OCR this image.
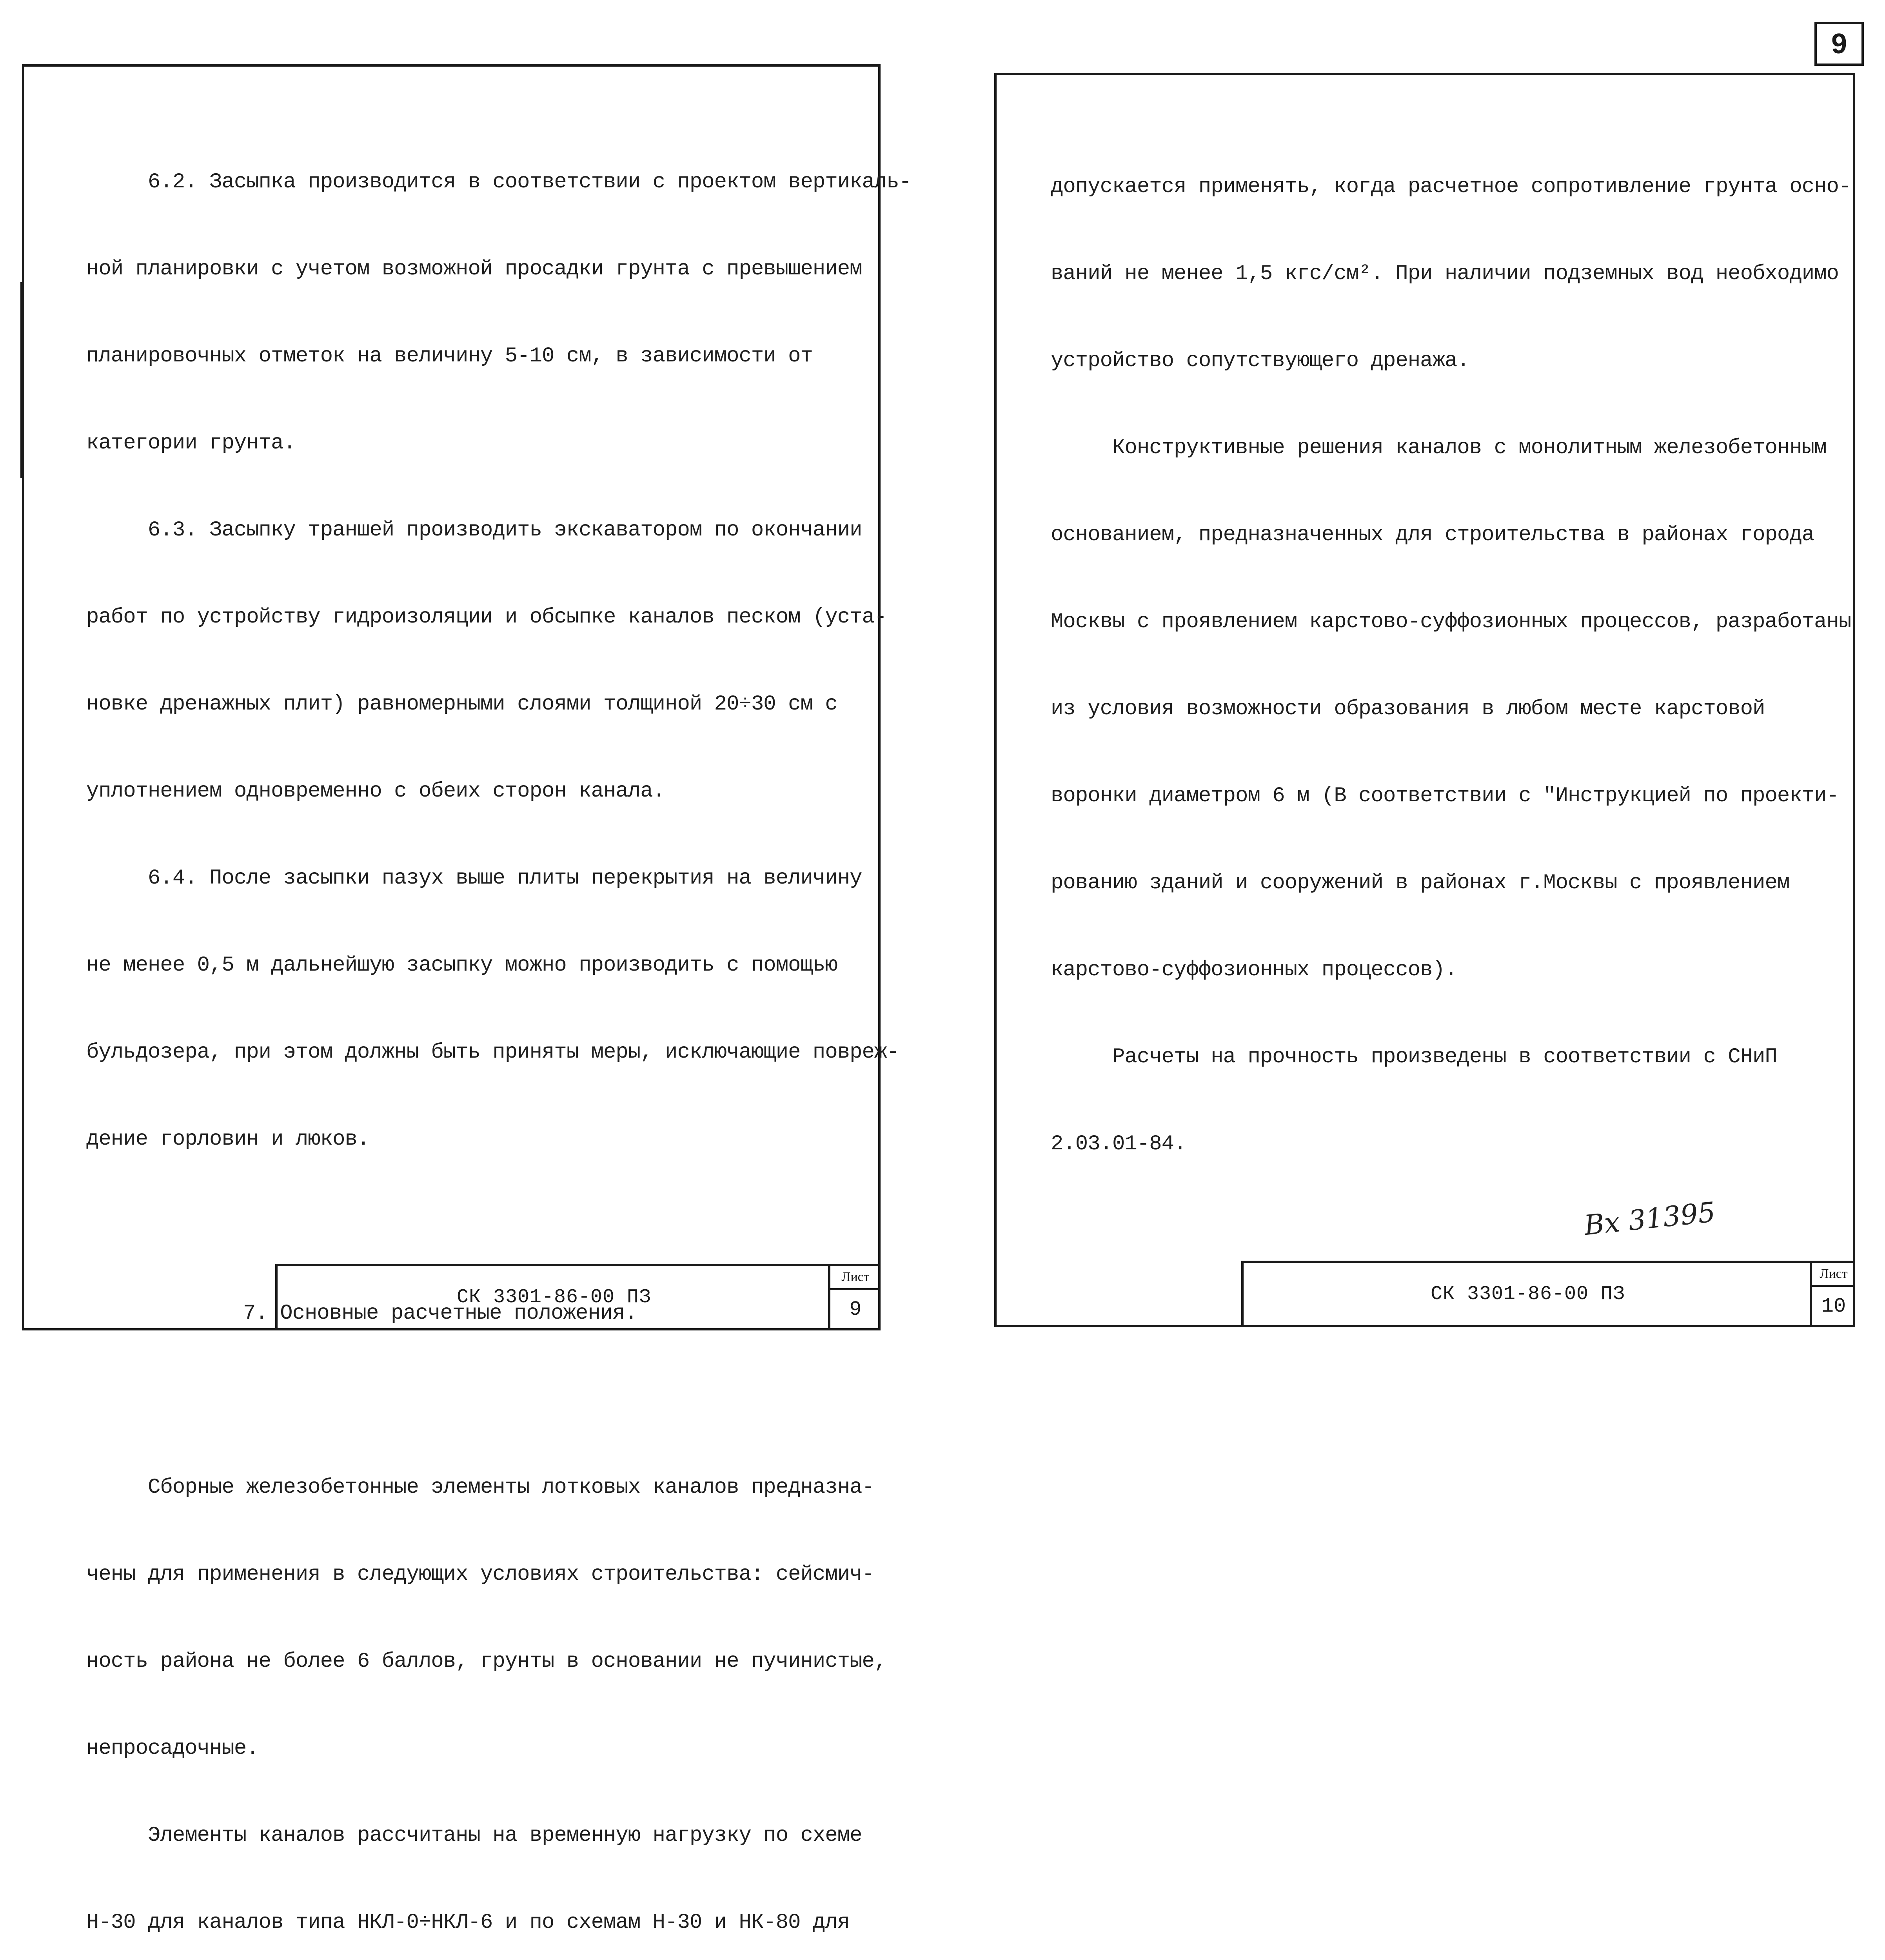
9

6.2. Засыпка производится в соответствии с проектом вертикаль-

ной планировки с учетом возможной просадки грунта с превышением

планировочных отметок на величину 5-10 см, в зависимости от

категории грунта.

6.3. Засыпку траншей производить экскаватором по окончании

работ по устройству гидроизоляции и обсыпке каналов песком (уста-

новке дренажных плит) равномерными слоями толщиной 20÷30 см с

уплотнением одновременно с обеих сторон канала.

6.4. После засыпки пазух выше плиты перекрытия на величину

не менее 0,5 м дальнейшую засыпку можно производить с помощью

бульдозера, при этом должны быть приняты меры, исключающие повреж-

дение горловин и люков.

7. Основные расчетные положения.

Сборные железобетонные элементы лотковых каналов предназна-

чены для применения в следующих условиях строительства: сейсмич-

ность района не более 6 баллов, грунты в основании не пучинистые,

непросадочные.

Элементы каналов рассчитаны на временную нагрузку по схеме

Н-30 для каналов типа НКЛ-0÷НКЛ-6 и по схемам Н-30 и НК-80 для

СК 3301-86-00 ПЗ
Лист
9

допускается применять, когда расчетное сопротивление грунта осно-

ваний не менее 1,5 кгс/см². При наличии подземных вод необходимо

устройство сопутствующего дренажа.

Конструктивные решения каналов с монолитным железобетонным

основанием, предназначенных для строительства в районах города

Москвы с проявлением карстово-суффозионных процессов, разработаны

из условия возможности образования в любом месте карстовой

воронки диаметром 6 м (В соответствии с "Инструкцией по проекти-

рованию зданий и сооружений в районах г.Москвы с проявлением

карстово-суффозионных процессов).

Расчеты на прочность произведены в соответствии с СНиП

2.03.01-84.

СК 3301-86-00 ПЗ
Лист
10
Вх 31395
